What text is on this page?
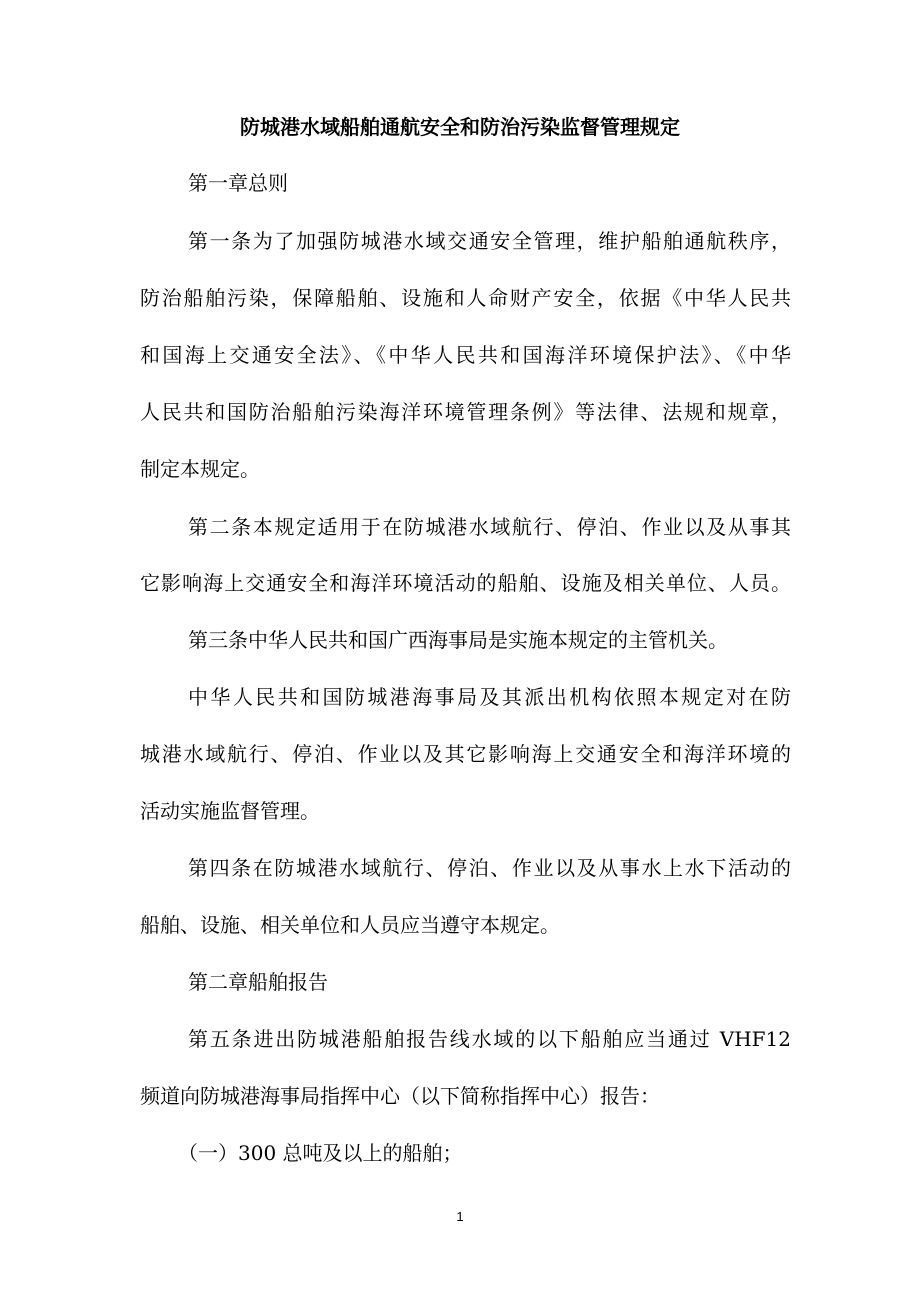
防城港水域船舶通航安全和防治污染监督管理规定
第一章总则
第一条为了加强防城港水域交通安全管理，维护船舶通航秩序，
防治船舶污染，保障船舶、设施和人命财产安全，依据《中华人民共
和国海上交通安全法》、《中华人民共和国海洋环境保护法》、《中华
人民共和国防治船舶污染海洋环境管理条例》等法律、法规和规章，
制定本规定。
第二条本规定适用于在防城港水域航行、停泊、作业以及从事其
它影响海上交通安全和海洋环境活动的船舶、设施及相关单位、人员。
第三条中华人民共和国广西海事局是实施本规定的主管机关。
中华人民共和国防城港海事局及其派出机构依照本规定对在防
城港水域航行、停泊、作业以及其它影响海上交通安全和海洋环境的
活动实施监督管理。
第四条在防城港水域航行、停泊、作业以及从事水上水下活动的
船舶、设施、相关单位和人员应当遵守本规定。
第二章船舶报告
第五条进出防城港船舶报告线水域的以下船舶应当通过 VHF12
频道向防城港海事局指挥中心（以下简称指挥中心）报告：
（一）300 总吨及以上的船舶；
1
